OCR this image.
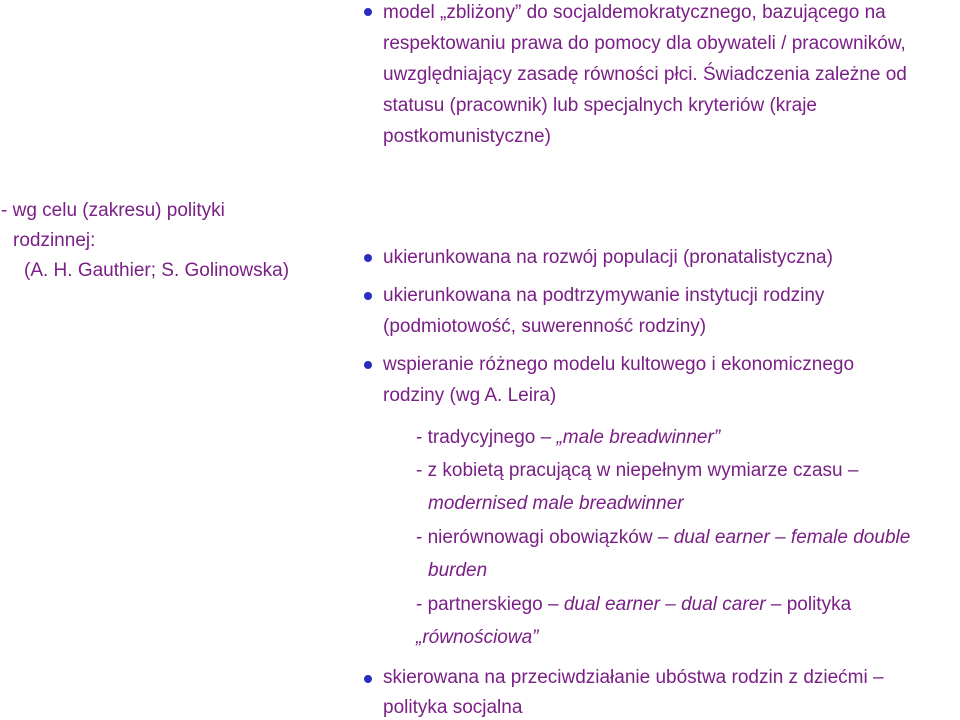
model „zbliżony” do socjaldemokratycznego, bazującego na
respektowaniu prawa do pomocy dla obywateli / pracowników,
uwzględniający zasadę równości płci. Świadczenia zależne od
statusu (pracownik) lub specjalnych kryteriów (kraje
postkomunistyczne)
- wg celu (zakresu) polityki
rodzinnej:
(A. H. Gauthier; S. Golinowska)
ukierunkowana na rozwój populacji (pronatalistyczna)
ukierunkowana na podtrzymywanie instytucji rodziny
(podmiotowość, suwerenność rodziny)
wspieranie różnego modelu kultowego i ekonomicznego
rodziny (wg A. Leira)
- tradycyjnego – „male breadwinner”
- z kobietą pracującą w niepełnym wymiarze czasu –
modernised male breadwinner
- nierównowagi obowiązków – dual earner – female double
burden
- partnerskiego – dual earner – dual carer – polityka
„równościowa”
skierowana na przeciwdziałanie ubóstwa rodzin z dziećmi –
polityka socjalna
